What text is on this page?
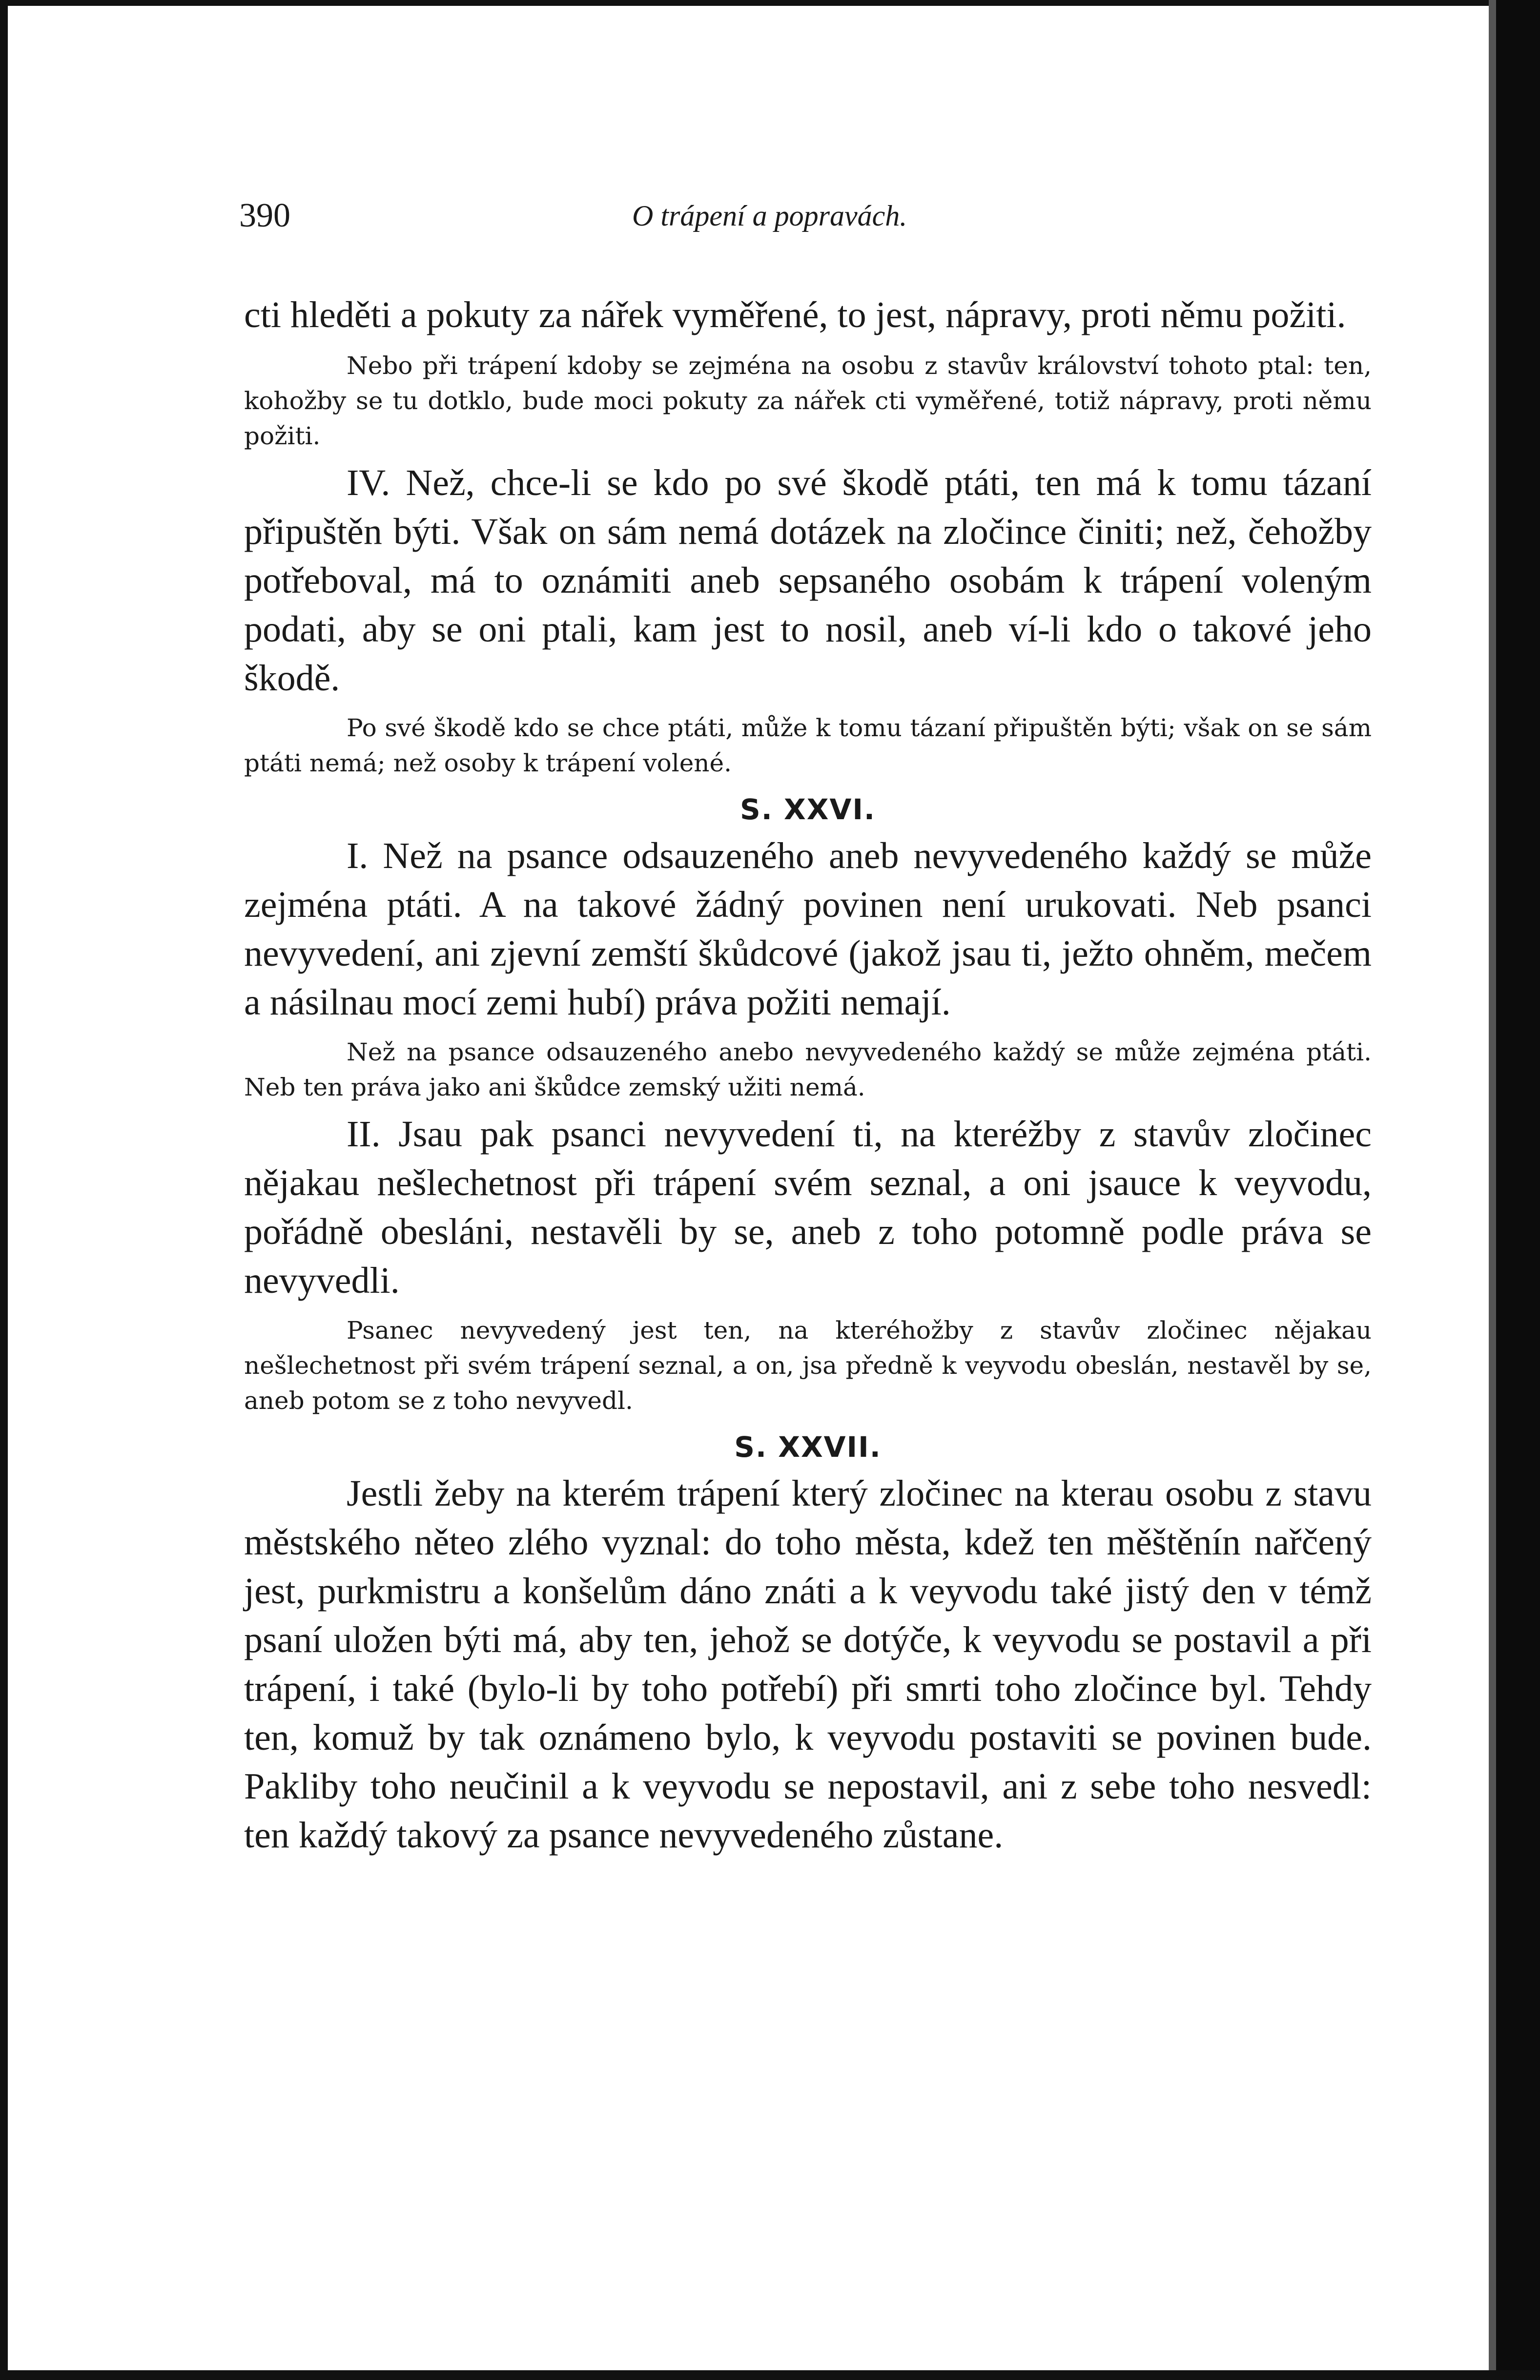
390	O trápení a popravách.

cti hleděti a pokuty za nářek vyměřené, to jest, nápravy, proti němu požiti.

Nebo při trápení kdoby se zejména na osobu z stavův království tohoto ptal: ten, kohožby se tu dotklo, bude moci pokuty za nářek cti vyměřené, totiž nápravy, proti němu požiti.

IV. Než, chce-li se kdo po své škodě ptáti, ten má k tomu tázaní připuštěn býti. Však on sám nemá dotázek na zločince činiti; než, čehožby potřeboval, má to oznámiti aneb sepsaného osobám k trápení voleným podati, aby se oni ptali, kam jest to nosil, aneb ví-li kdo o takové jeho škodě.

Po své škodě kdo se chce ptáti, může k tomu tázaní připuštěn býti; však on se sám ptáti nemá; než osoby k trápení volené.

S. XXVI.

I. Než na psance odsauzeného aneb nevyvedeného každý se může zejména ptáti. A na takové žádný povinen není urukovati. Neb psanci nevyvedení, ani zjevní zemští škůdcové (jakož jsau ti, ježto ohněm, mečem a násilnau mocí zemi hubí) práva požiti nemají.

Než na psance odsauzeného anebo nevyvedeného každý se může zejména ptáti. Neb ten práva jako ani škůdce zemský užiti nemá.

II. Jsau pak psanci nevyvedení ti, na kteréžby z stavův zločinec nějakau nešlechetnost při trápení svém seznal, a oni jsauce k veyvodu, pořádně obesláni, nestavěli by se, aneb z toho potomně podle práva se nevyvedli.

Psanec nevyvedený jest ten, na kteréhožby z stavův zločinec nějakau nešlechetnost při svém trápení seznal, a on, jsa předně k veyvodu obeslán, nestavěl by se, aneb potom se z toho nevyvedl.

S. XXVII.

Jestli žeby na kterém trápení který zločinec na kterau osobu z stavu městského něteo zlého vyznal: do toho města, kdež ten měštěnín nařčený jest, purkmistru a konšelům dáno znáti a k veyvodu také jistý den v témž psaní uložen býti má, aby ten, jehož se dotýče, k veyvodu se postavil a při trápení, i také (bylo-li by toho potřebí) při smrti toho zločince byl. Tehdy ten, komuž by tak oznámeno bylo, k veyvodu postaviti se povinen bude. Pakliby toho neučinil a k veyvodu se nepostavil, ani z sebe toho nesvedl: ten každý takový za psance nevyvedeného zůstane.
